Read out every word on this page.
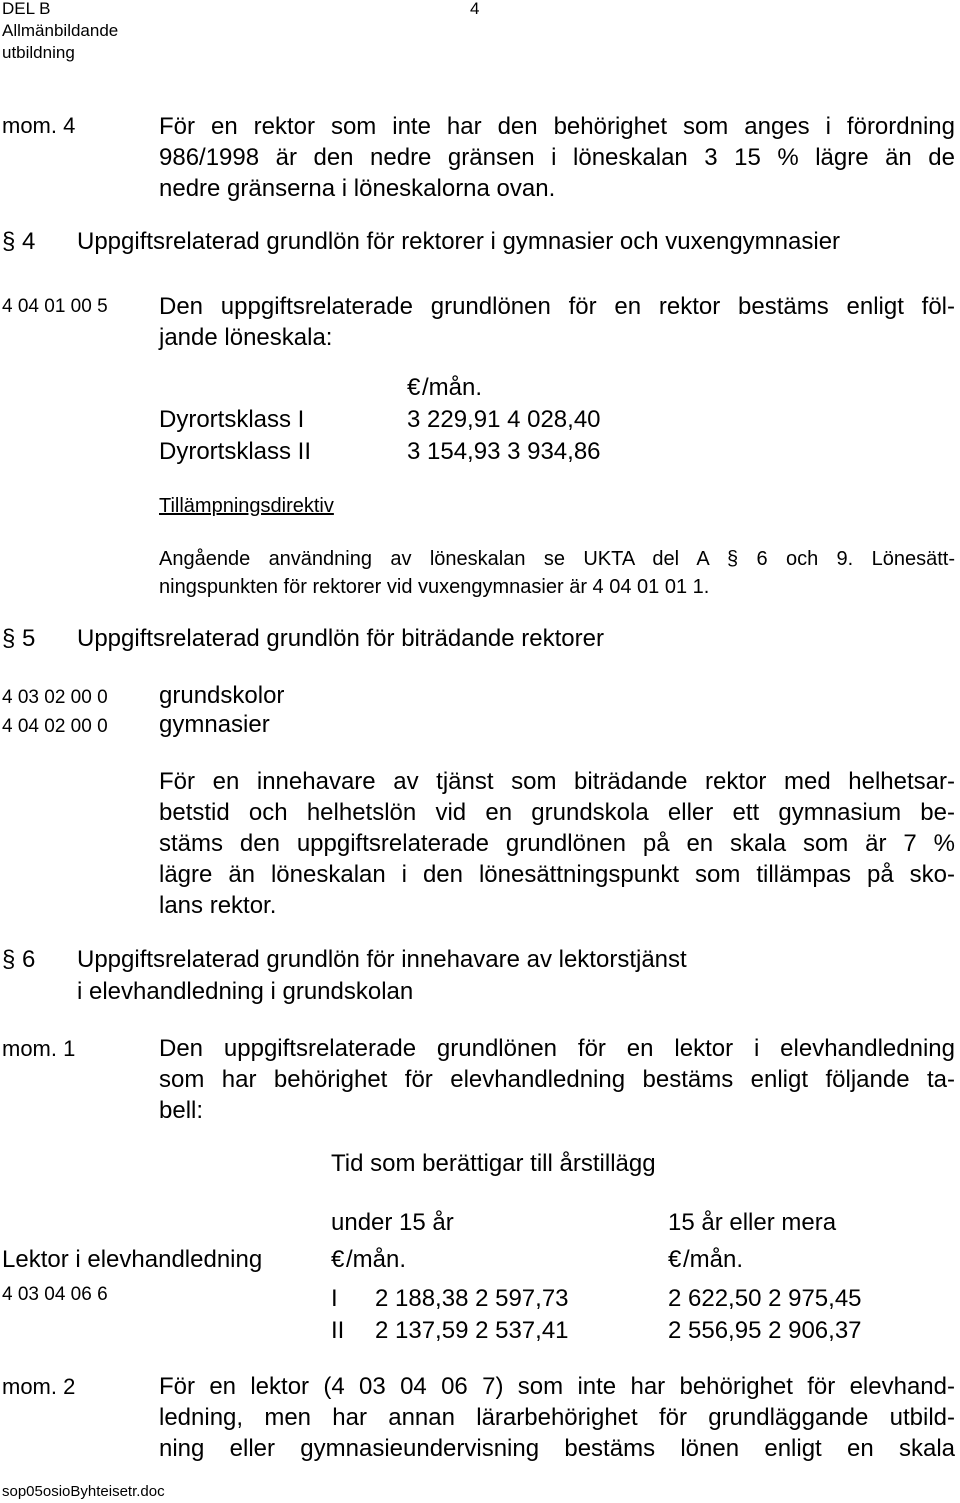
DEL B	4
Allmänbildande
utbildning
mom. 4	För en rektor som inte har den behörighet som anges i förordning
986/1998 är den nedre gränsen i löneskalan 3 15 % lägre än de
nedre gränserna i löneskalorna ovan.
§ 4 Uppgiftsrelaterad grundlön för rektorer i gymnasier och vuxengymnasier
4 04 01 00 5 Den uppgiftsrelaterade grundlönen för en rektor bestäms enligt föl-
jande löneskala:
€ /mån.
Dyrortsklass I	3 229,91 4 028,40
Dyrortsklass II	3 154,93 3 934,86
Tillämpningsdirektiv
Angående användning av löneskalan se UKTA del A § 6 och 9. Lönesätt-
ningspunkten för rektorer vid vuxengymnasier är 4 04 01 01 1.
§ 5 Uppgiftsrelaterad grundlön för biträdande rektorer
4 03 02 00 0 grundskolor
4 04 02 00 0 gymnasier
För en innehavare av tjänst som biträdande rektor med helhetsar-
betstid och helhetslön vid en grundskola eller ett gymnasium be-
stäms den uppgiftsrelaterade grundlönen på en skala som är 7 %
lägre än löneskalan i den lönesättningspunkt som tillämpas på sko-
lans rektor.
§ 6 Uppgiftsrelaterad grundlön för innehavare av lektorstjänst
i elevhandledning i grundskolan
mom. 1	Den uppgiftsrelaterade grundlönen för en lektor i elevhandledning
som har behörighet för elevhandledning bestäms enligt följande ta-
bell:
Tid som berättigar till årstillägg
under 15 år	15 år eller mera
Lektor i elevhandledning	€ /mån.	€ /mån.
4 03 04 06 6	I 2 188,38 2 597,73	2 622,50 2 975,45
II 2 137,59 2 537,41	2 556,95 2 906,37
mom. 2	För en lektor (4 03 04 06 7) som inte har behörighet för elevhand-
ledning, men har annan lärarbehörighet för grundläggande utbild-
ning eller gymnasieundervisning bestäms lönen enligt en skala
sop05osioByhteisetr.doc
